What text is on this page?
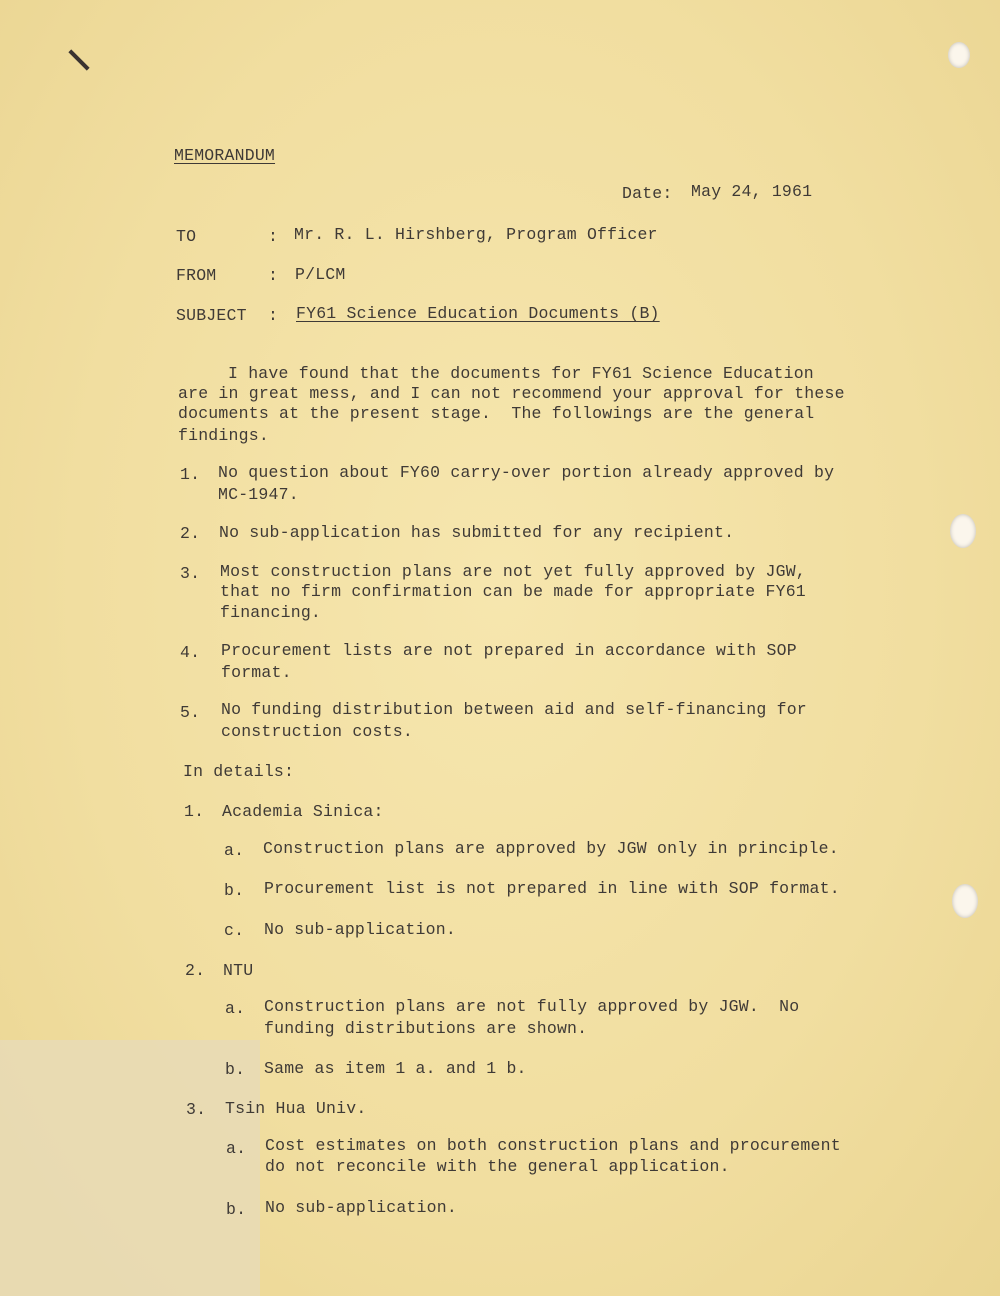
MEMORANDUM
Date: May 24, 1961
TO	: Mr. R. L. Hirshberg, Program Officer
FROM	: P/LCM
SUBJECT : FY61 Science Education Documents (B)
I have found that the documents for FY61 Science Education
are in great mess, and I can not recommend your approval for these
documents at the present stage.  The followings are the general
findings.
1. No question about FY60 carry-over portion already approved by
MC-1947.
2. No sub-application has submitted for any recipient.
3. Most construction plans are not yet fully approved by JGW,
that no firm confirmation can be made for appropriate FY61
financing.
4. Procurement lists are not prepared in accordance with SOP
format.
5. No funding distribution between aid and self-financing for
construction costs.
In details:
1. Academia Sinica:
a. Construction plans are approved by JGW only in principle.
b. Procurement list is not prepared in line with SOP format.
c. No sub-application.
2. NTU
a. Construction plans are not fully approved by JGW.  No
funding distributions are shown.
b. Same as item 1 a. and 1 b.
3. Tsin Hua Univ.
a. Cost estimates on both construction plans and procurement
do not reconcile with the general application.
b. No sub-application.
